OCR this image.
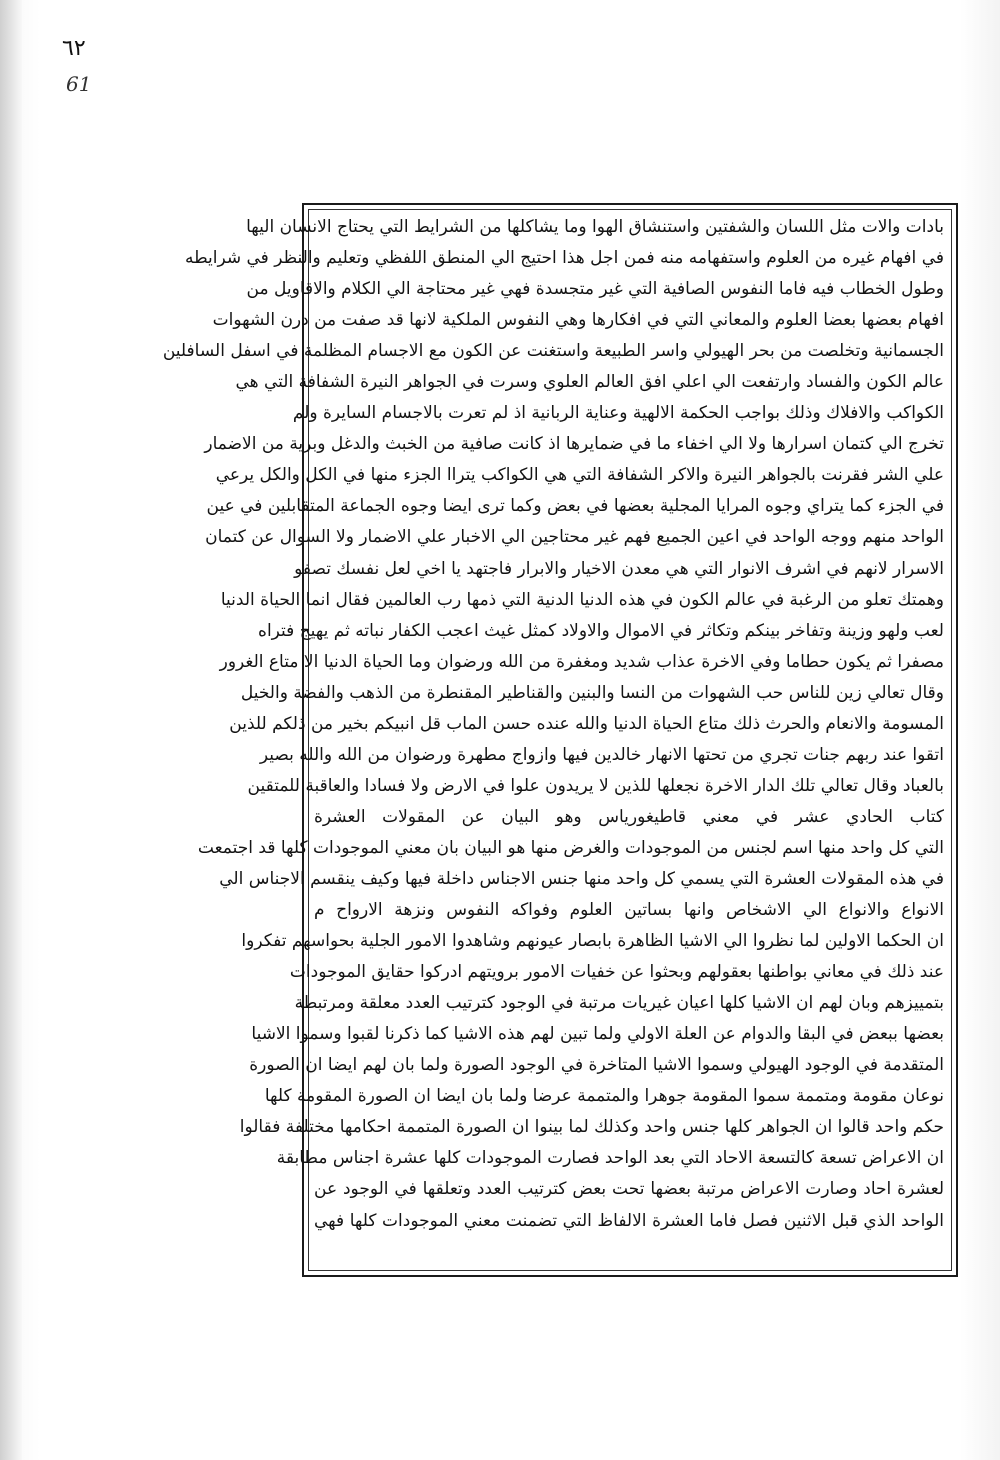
٦٢
61
بادات والات مثل اللسان والشفتين واستنشاق الهوا وما يشاكلها من الشرايط التي يحتاج الانسان اليها
في افهام غيره من العلوم واستفهامه منه فمن اجل هذا احتيج الي المنطق اللفظي وتعليم والنظر في شرايطه
وطول الخطاب فيه فاما النفوس الصافية التي غير متجسدة فهي غير محتاجة الي الكلام والاقاويل من
افهام بعضها بعضا العلوم والمعاني التي في افكارها وهي النفوس الملكية لانها قد صفت من درن الشهوات
الجسمانية وتخلصت من بحر الهيولي واسر الطبيعة واستغنت عن الكون مع الاجسام المظلمة في اسفل السافلين
عالم الكون والفساد وارتفعت الي اعلي افق العالم العلوي وسرت في الجواهر النيرة الشفافة التي هي
الكواكب والافلاك وذلك بواجب الحكمة الالهية وعناية الربانية اذ لم تعرت بالاجسام السايرة ولم
تخرج الي كتمان اسرارها ولا الي اخفاء ما في ضمايرها اذ كانت صافية من الخبث والدغل وبرية من الاضمار
علي الشر فقرنت بالجواهر النيرة والاكر الشفافة التي هي الكواكب يتراا الجزء منها في الكل والكل يرعي
في الجزء كما يتراي وجوه المرايا المجلية بعضها في بعض وكما ترى ايضا وجوه الجماعة المتقابلين في عين
الواحد منهم ووجه الواحد في اعين الجميع فهم غير محتاجين الي الاخبار علي الاضمار ولا السوال عن كتمان
الاسرار لانهم في اشرف الانوار التي هي معدن الاخيار والابرار فاجتهد يا اخي لعل نفسك تصفو
وهمتك تعلو من الرغبة في عالم الكون في هذه الدنيا الدنية التي ذمها رب العالمين فقال انما الحياة الدنيا
لعب ولهو وزينة وتفاخر بينكم وتكاثر في الاموال والاولاد كمثل غيث اعجب الكفار نباته ثم يهيج فتراه
مصفرا ثم يكون حطاما وفي الاخرة عذاب شديد ومغفرة من الله ورضوان وما الحياة الدنيا الا متاع الغرور
وقال تعالي زين للناس حب الشهوات من النسا والبنين والقناطير المقنطرة من الذهب والفضة والخيل
المسومة والانعام والحرث ذلك متاع الحياة الدنيا والله عنده حسن الماب قل انبيكم بخير من ذلكم للذين
اتقوا عند ربهم جنات تجري من تحتها الانهار خالدين فيها وازواج مطهرة ورضوان من الله والله بصير
بالعباد وقال تعالي تلك الدار الاخرة نجعلها للذين لا يريدون علوا في الارض ولا فسادا والعاقبة للمتقين
كتاب الحادي عشر في معني قاطيغورياس وهو البيان عن المقولات العشرة
التي كل واحد منها اسم لجنس من الموجودات والغرض منها هو البيان بان معني الموجودات كلها قد اجتمعت
في هذه المقولات العشرة التي يسمي كل واحد منها جنس الاجناس داخلة فيها وكيف ينقسم الاجناس الي
الانواع والانواع الي الاشخاص وانها بساتين العلوم وفواكه النفوس ونزهة الارواح م
ان الحكما الاولين لما نظروا الي الاشيا الظاهرة بابصار عيونهم وشاهدوا الامور الجلية بحواسهم تفكروا
عند ذلك في معاني بواطنها بعقولهم وبحثوا عن خفيات الامور برويتهم ادركوا حقايق الموجودات
بتمييزهم وبان لهم ان الاشيا كلها اعيان غيريات مرتبة في الوجود كترتيب العدد معلقة ومرتبطة
بعضها ببعض في البقا والدوام عن العلة الاولي ولما تبين لهم هذه الاشيا كما ذكرنا لقبوا وسموا الاشيا
المتقدمة في الوجود الهيولي وسموا الاشيا المتاخرة في الوجود الصورة ولما بان لهم ايضا ان الصورة
نوعان مقومة ومتممة سموا المقومة جوهرا والمتممة عرضا ولما بان ايضا ان الصورة المقومة كلها
حكم واحد قالوا ان الجواهر كلها جنس واحد وكذلك لما بينوا ان الصورة المتممة احكامها مختلفة فقالوا
ان الاعراض تسعة كالتسعة الاحاد التي بعد الواحد فصارت الموجودات كلها عشرة اجناس مطابقة
لعشرة احاد وصارت الاعراض مرتبة بعضها تحت بعض كترتيب العدد وتعلقها في الوجود عن
الواحد الذي قبل الاثنين فصل فاما العشرة الالفاظ التي تضمنت معني الموجودات كلها فهي
